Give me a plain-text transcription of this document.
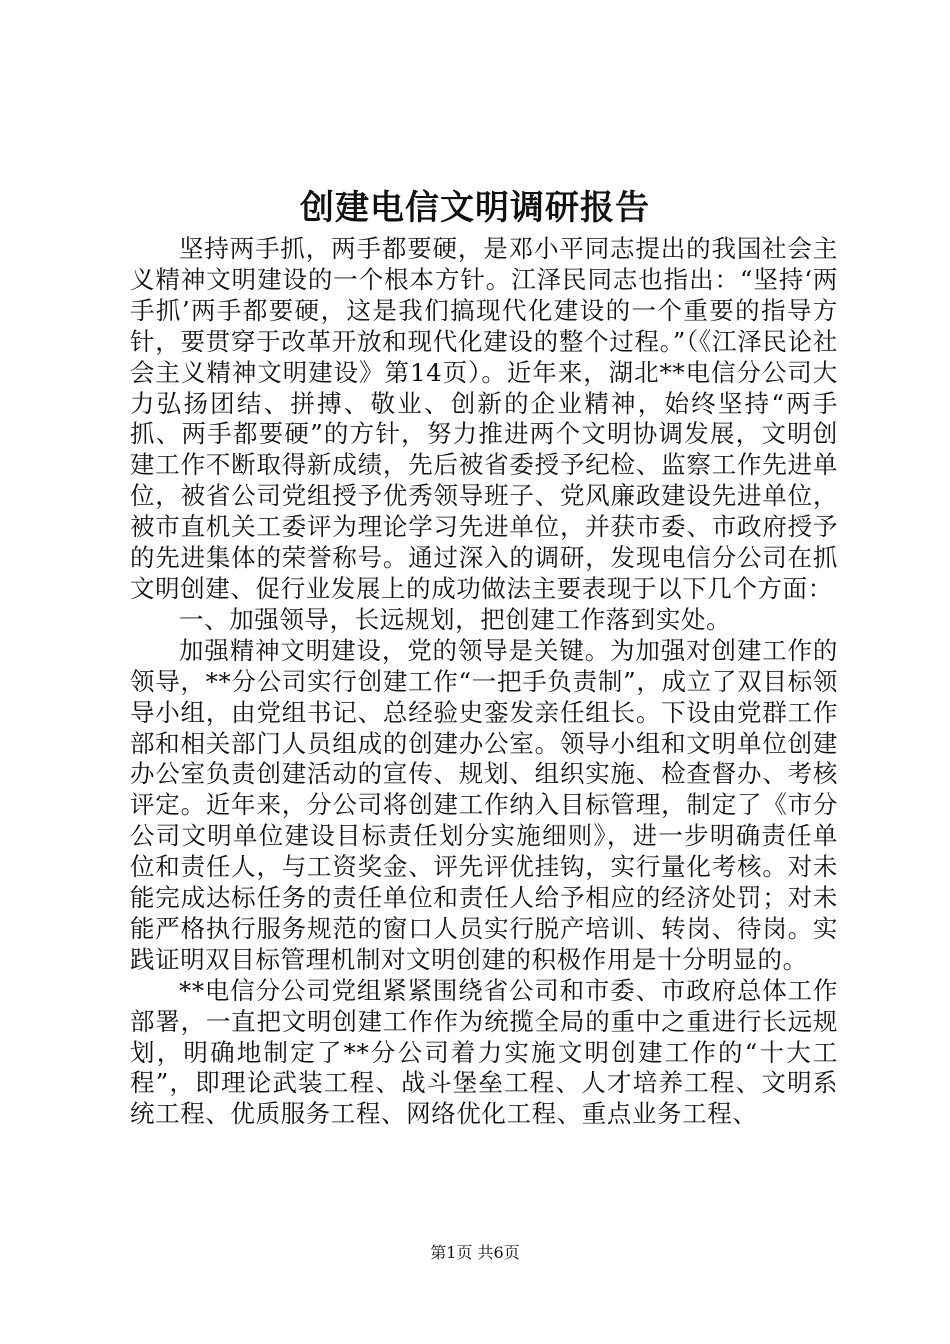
创建电信文明调研报告

坚持两手抓，两手都要硬，是邓小平同志提出的我国社会主义精神文明建设的一个根本方针。江泽民同志也指出：“坚持‘两手抓’两手都要硬，这是我们搞现代化建设的一个重要的指导方针，要贯穿于改革开放和现代化建设的整个过程。”（《江泽民论社会主义精神文明建设》第14页）。近年来，湖北**电信分公司大力弘扬团结、拼搏、敬业、创新的企业精神，始终坚持“两手抓、两手都要硬”的方针，努力推进两个文明协调发展，文明创建工作不断取得新成绩，先后被省委授予纪检、监察工作先进单位，被省公司党组授予优秀领导班子、党风廉政建设先进单位，被市直机关工委评为理论学习先进单位，并获市委、市政府授予的先进集体的荣誉称号。通过深入的调研，发现电信分公司在抓文明创建、促行业发展上的成功做法主要表现于以下几个方面：

一、加强领导，长远规划，把创建工作落到实处。

加强精神文明建设，党的领导是关键。为加强对创建工作的领导，**分公司实行创建工作“一把手负责制”，成立了双目标领导小组，由党组书记、总经验史銮发亲任组长。下设由党群工作部和相关部门人员组成的创建办公室。领导小组和文明单位创建办公室负责创建活动的宣传、规划、组织实施、检查督办、考核评定。近年来，分公司将创建工作纳入目标管理，制定了《市分公司文明单位建设目标责任划分实施细则》，进一步明确责任单位和责任人，与工资奖金、评先评优挂钩，实行量化考核。对未能完成达标任务的责任单位和责任人给予相应的经济处罚；对未能严格执行服务规范的窗口人员实行脱产培训、转岗、待岗。实践证明双目标管理机制对文明创建的积极作用是十分明显的。

**电信分公司党组紧紧围绕省公司和市委、市政府总体工作部署，一直把文明创建工作作为统揽全局的重中之重进行长远规划，明确地制定了**分公司着力实施文明创建工作的“十大工程”，即理论武装工程、战斗堡垒工程、人才培养工程、文明系统工程、优质服务工程、网络优化工程、重点业务工程、

第1页 共6页
